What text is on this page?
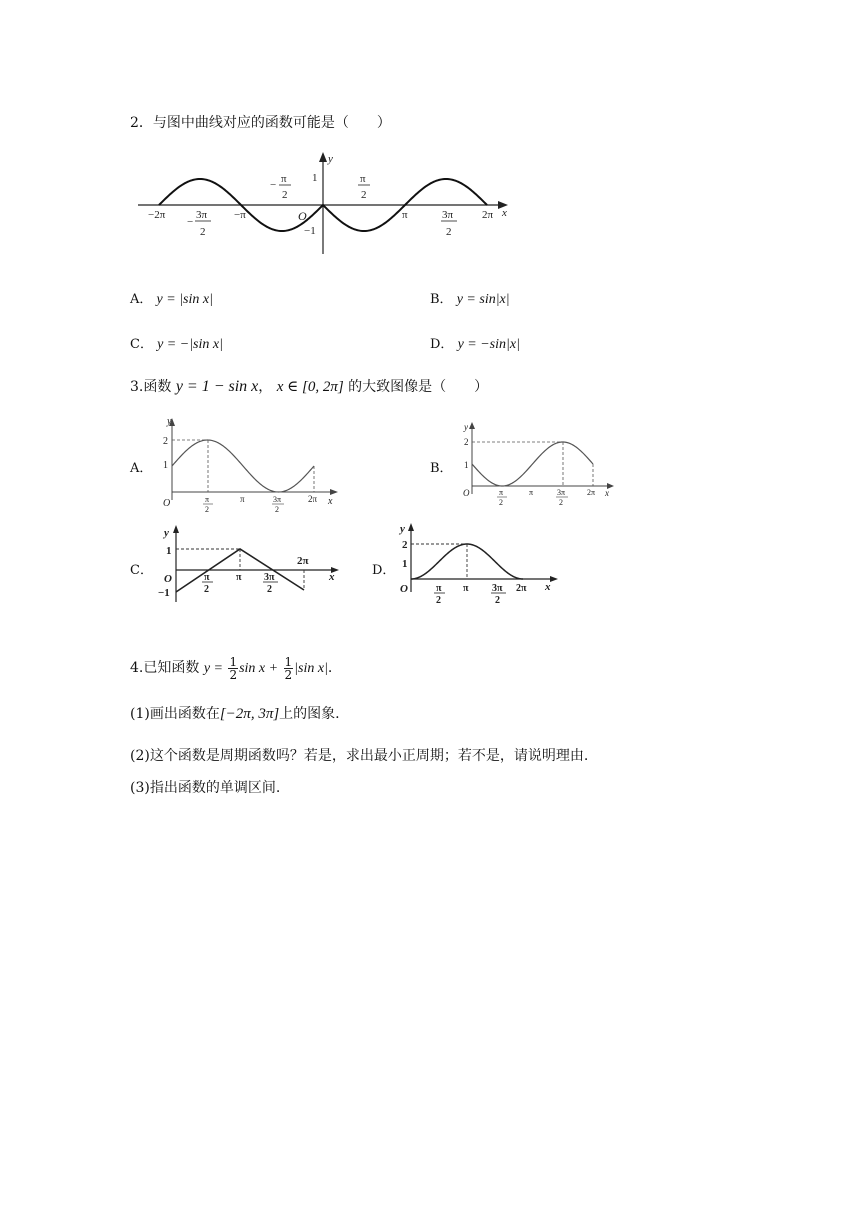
2．与图中曲线对应的函数可能是（　　）
y
x
O
1
−1
−2π	−π	π	2π
−
3π
2
3π
2
− π
2
π
2
A． y = |sin x|	B． y = sin|x|
C． y = −|sin x|	D． y = −sin|x|
3.函数 y = 1 − sin x， x ∈ [0, 2π] 的大致图像是（　　）
A．
y
2
1
O	x
π
2
π	3π
2
2π
B．
y
2
1
O	x
π
2
π	3π
2
2π
C．
y
1
O
−1
x
π
2
π 3π
2
2π
D．
y
2
1
O	x
π
2
π 3π
2
2π
4.已知函数 $y = \frac{1}{2}$ $\sin x + \frac{1}{2} |\sin$ x|.
(1)画出函数在[−2π, 3π]上的图象.
(2)这个函数是周期函数吗？若是，求出最小正周期；若不是，请说明理由.
(3)指出函数的单调区间.
